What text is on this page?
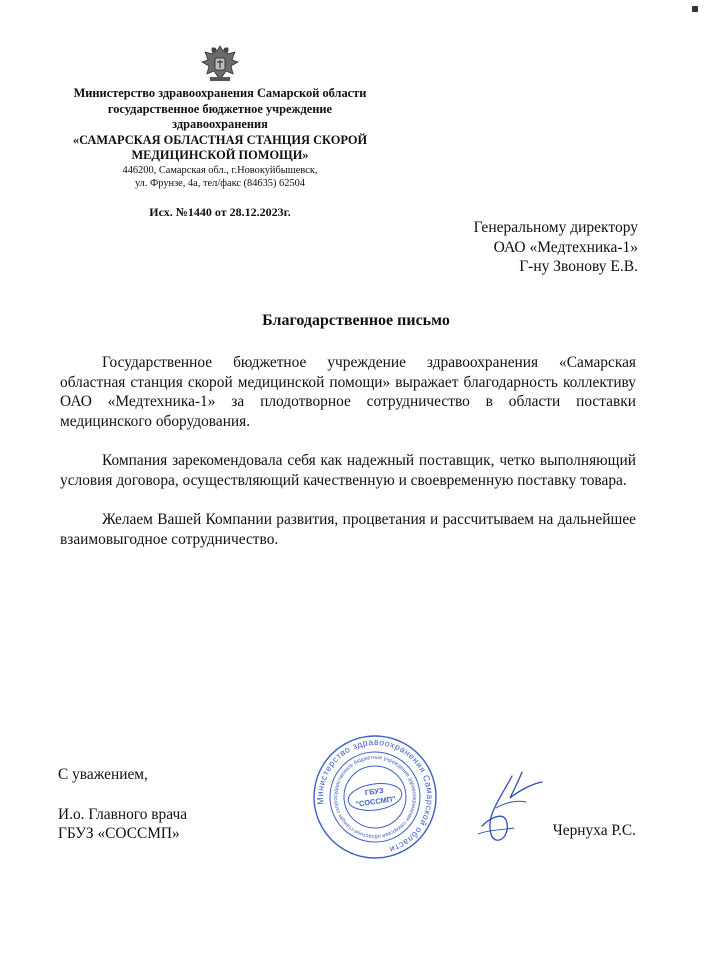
Министерство здравоохранения Самарской области
государственное бюджетное учреждение
здравоохранения
«САМАРСКАЯ ОБЛАСТНАЯ СТАНЦИЯ СКОРОЙ
МЕДИЦИНСКОЙ ПОМОЩИ»
446200, Самарская обл., г.Новокуйбышевск,
ул. Фрунзе, 4а, тел/факс (84635) 62504
Исх. №1440 от 28.12.2023г.
Генеральному директору
ОАО «Медтехника-1»
Г-ну Звонову Е.В.
Благодарственное письмо

Государственное бюджетное учреждение здравоохранения «Самарская областная станция скорой медицинской помощи» выражает благодарность коллективу ОАО «Медтехника-1» за плодотворное сотрудничество в области поставки медицинского оборудования.

Компания зарекомендовала себя как надежный поставщик, четко выполняющий условия договора, осуществляющий качественную и своевременную поставку товара.

Желаем Вашей Компании развития, процветания и рассчитываем на дальнейшее взаимовыгодное сотрудничество.

С уважением,
И.о. Главного врача
ГБУЗ «СОССМП»
Министерство здравоохранения Самарской области
государственное бюджетное учреждение здравоохранения самарская областная станция скорой
ГБУЗ
"СОССМП"
Чернуха Р.С.
